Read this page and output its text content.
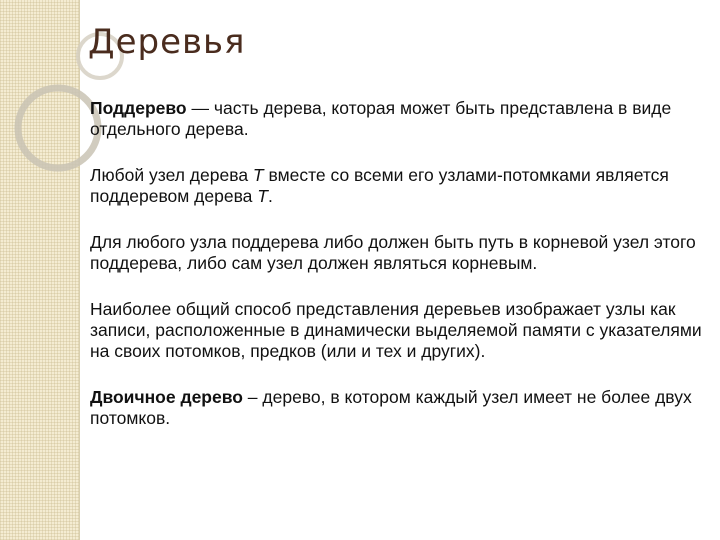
Деревья

Поддерево — часть дерева, которая может быть представлена в виде отдельного дерева.

Любой узел дерева T вместе со всеми его узлами-потомками является поддеревом дерева T.

Для любого узла поддерева либо должен быть путь в корневой узел этого поддерева, либо сам узел должен являться корневым.

Наиболее общий способ представления деревьев изображает узлы как записи, расположенные в динамически выделяемой памяти с указателями на своих потомков, предков (или и тех и других).

Двоичное дерево – дерево, в котором каждый узел имеет не более двух потомков.
